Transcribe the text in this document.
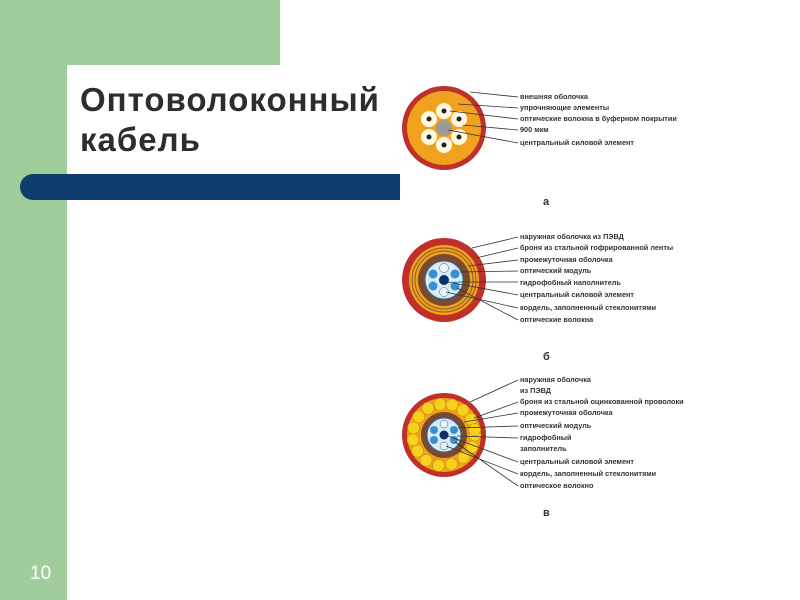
Оптоволоконный
кабель
10
внешняя оболочка
упрочняющие элементы
оптические волокна в буферном покрытии
900 мкм
центральный силовой элемент
а
наружная оболочка из ПЭВД
броня из стальной гофрированной ленты
промежуточная оболочка
оптический модуль
гидрофобный наполнитель
центральный силовой элемент
кордель, заполненный стеклонитями
оптические волокна
б
наружная оболочка
из ПЭВД
броня из стальной оцинкованной проволоки
промежуточная оболочка
оптический модуль
гидрофобный
заполнитель
центральный силовой элемент
кордель, заполненный стеклонитями
оптическое волокно
в
